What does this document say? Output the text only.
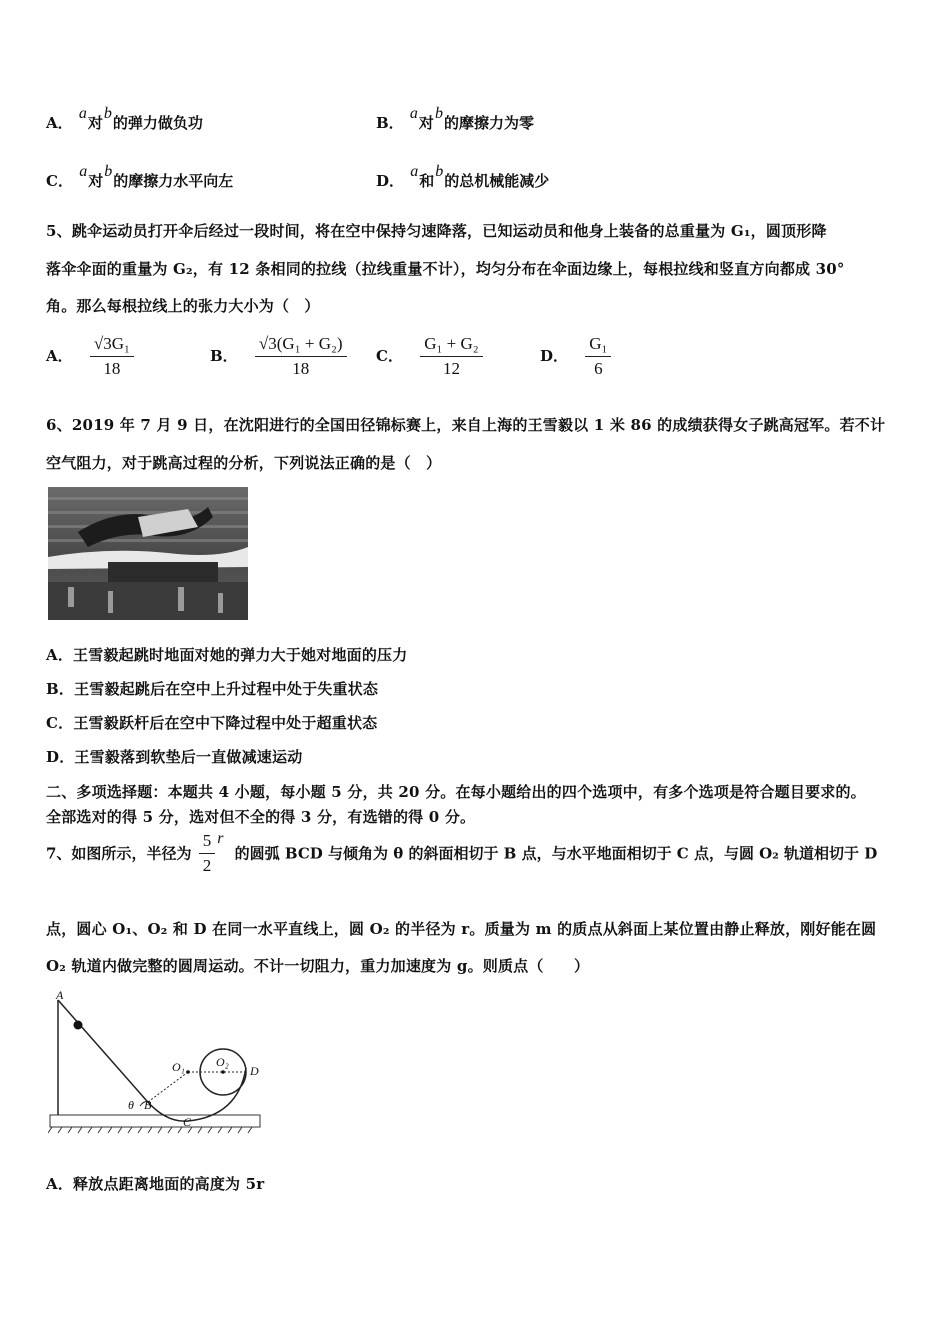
A． a对b的弹力做负功	B． a对b的摩擦力为零
C． a对b的摩擦力水平向左	D． a和b的总机械能减少
5、跳伞运动员打开伞后经过一段时间，将在空中保持匀速降落，已知运动员和他身上装备的总重量为 G₁，圆顶形降
落伞伞面的重量为 G₂，有 12 条相同的拉线（拉线重量不计），均匀分布在伞面边缘上，每根拉线和竖直方向都成 30°
角。那么每根拉线上的张力大小为（　）
A． $\frac{\text{√3G₁}}{18}$	B． $\frac{\text{√3(G₁ + G₂)}}{18}$ C． $\frac{\text{G₁ + G₂}}{12}$	D． $\frac{\text{G₁}}{6}$
6、2019 年 7 月 9 日，在沈阳进行的全国田径锦标赛上，来自上海的王雪毅以 1 米 86 的成绩获得女子跳高冠军。若不计
空气阻力，对于跳高过程的分析，下列说法正确的是（　）
A．王雪毅起跳时地面对她的弹力大于她对地面的压力
B．王雪毅起跳后在空中上升过程中处于失重状态
C．王雪毅跃杆后在空中下降过程中处于超重状态
D．王雪毅落到软垫后一直做减速运动
二、多项选择题：本题共 4 小题，每小题 5 分，共 20 分。在每小题给出的四个选项中，有多个选项是符合题目要求的。
全部选对的得 5 分，选对但不全的得 3 分，有选错的得 0 分。
7、如图所示，半径为 $\frac{5}{2}$ r 的圆弧 BCD 与倾角为 θ 的斜面相切于 B 点，与水平地面相切于 C 点，与圆 O₂ 轨道相切于 D
点，圆心 O₁、O₂ 和 D 在同一水平直线上，圆 O₂ 的半径为 r。质量为 m 的质点从斜面上某位置由静止释放，刚好能在圆
O₂ 轨道内做完整的圆周运动。不计一切阻力，重力加速度为 g。则质点（　　）
A
B
C
D
O₁	O₂
θ
A．释放点距离地面的高度为 5r
